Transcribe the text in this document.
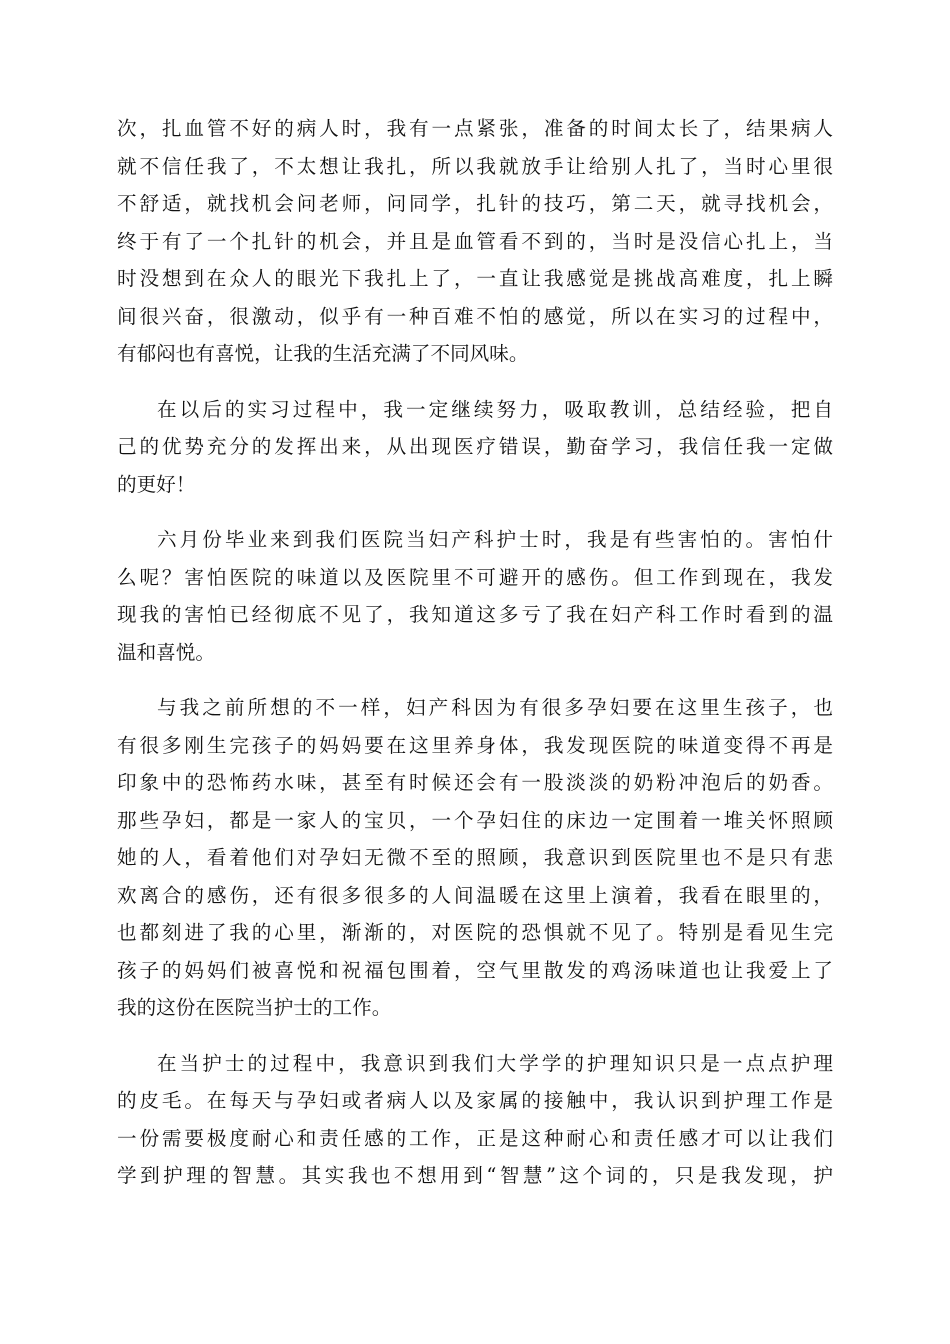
次，扎血管不好的病人时，我有一点紧张，准备的时间太长了，结果病人
就不信任我了，不太想让我扎，所以我就放手让给别人扎了，当时心里很
不舒适，就找机会问老师，问同学，扎针的技巧，第二天，就寻找机会，
终于有了一个扎针的机会，并且是血管看不到的，当时是没信心扎上，当
时没想到在众人的眼光下我扎上了，一直让我感觉是挑战高难度，扎上瞬
间很兴奋，很激动，似乎有一种百难不怕的感觉，所以在实习的过程中，
有郁闷也有喜悦，让我的生活充满了不同风味。
在以后的实习过程中，我一定继续努力，吸取教训，总结经验，把自
己的优势充分的发挥出来，从出现医疗错误，勤奋学习，我信任我一定做
的更好！
六月份毕业来到我们医院当妇产科护士时，我是有些害怕的。害怕什
么呢？害怕医院的味道以及医院里不可避开的感伤。但工作到现在，我发
现我的害怕已经彻底不见了，我知道这多亏了我在妇产科工作时看到的温
温和喜悦。
与我之前所想的不一样，妇产科因为有很多孕妇要在这里生孩子，也
有很多刚生完孩子的妈妈要在这里养身体，我发现医院的味道变得不再是
印象中的恐怖药水味，甚至有时候还会有一股淡淡的奶粉冲泡后的奶香。
那些孕妇，都是一家人的宝贝，一个孕妇住的床边一定围着一堆关怀照顾
她的人，看着他们对孕妇无微不至的照顾，我意识到医院里也不是只有悲
欢离合的感伤，还有很多很多的人间温暖在这里上演着，我看在眼里的，
也都刻进了我的心里，渐渐的，对医院的恐惧就不见了。特别是看见生完
孩子的妈妈们被喜悦和祝福包围着，空气里散发的鸡汤味道也让我爱上了
我的这份在医院当护士的工作。
在当护士的过程中，我意识到我们大学学的护理知识只是一点点护理
的皮毛。在每天与孕妇或者病人以及家属的接触中，我认识到护理工作是
一份需要极度耐心和责任感的工作，正是这种耐心和责任感才可以让我们
学到护理的智慧。其实我也不想用到“智慧”这个词的，只是我发现，护
